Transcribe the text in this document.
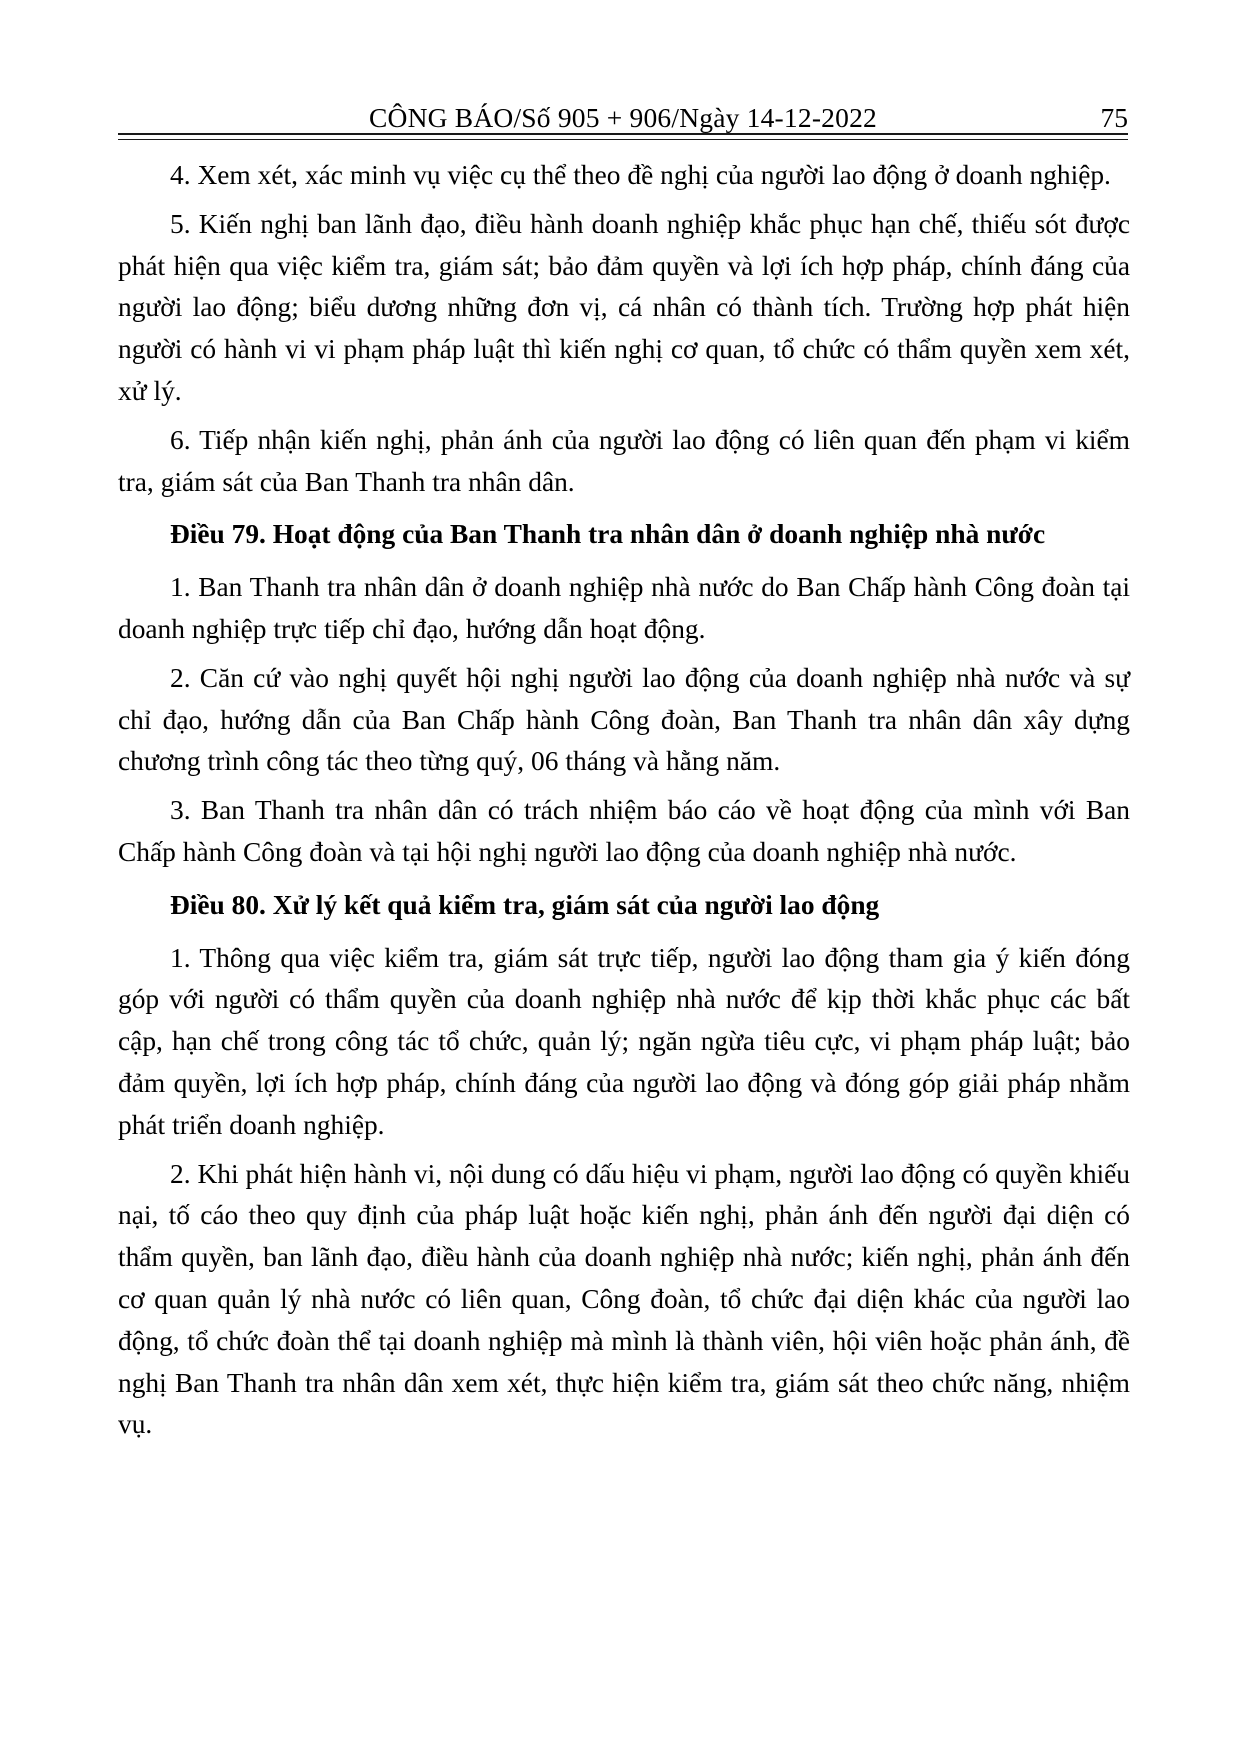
CÔNG BÁO/Số 905 + 906/Ngày 14-12-2022	75

4. Xem xét, xác minh vụ việc cụ thể theo đề nghị của người lao động ở doanh nghiệp.

5. Kiến nghị ban lãnh đạo, điều hành doanh nghiệp khắc phục hạn chế, thiếu sót được phát hiện qua việc kiểm tra, giám sát; bảo đảm quyền và lợi ích hợp pháp, chính đáng của người lao động; biểu dương những đơn vị, cá nhân có thành tích. Trường hợp phát hiện người có hành vi vi phạm pháp luật thì kiến nghị cơ quan, tổ chức có thẩm quyền xem xét, xử lý.

6. Tiếp nhận kiến nghị, phản ánh của người lao động có liên quan đến phạm vi kiểm tra, giám sát của Ban Thanh tra nhân dân.

Điều 79. Hoạt động của Ban Thanh tra nhân dân ở doanh nghiệp nhà nước

1. Ban Thanh tra nhân dân ở doanh nghiệp nhà nước do Ban Chấp hành Công đoàn tại doanh nghiệp trực tiếp chỉ đạo, hướng dẫn hoạt động.

2. Căn cứ vào nghị quyết hội nghị người lao động của doanh nghiệp nhà nước và sự chỉ đạo, hướng dẫn của Ban Chấp hành Công đoàn, Ban Thanh tra nhân dân xây dựng chương trình công tác theo từng quý, 06 tháng và hằng năm.

3. Ban Thanh tra nhân dân có trách nhiệm báo cáo về hoạt động của mình với Ban Chấp hành Công đoàn và tại hội nghị người lao động của doanh nghiệp nhà nước.

Điều 80. Xử lý kết quả kiểm tra, giám sát của người lao động

1. Thông qua việc kiểm tra, giám sát trực tiếp, người lao động tham gia ý kiến đóng góp với người có thẩm quyền của doanh nghiệp nhà nước để kịp thời khắc phục các bất cập, hạn chế trong công tác tổ chức, quản lý; ngăn ngừa tiêu cực, vi phạm pháp luật; bảo đảm quyền, lợi ích hợp pháp, chính đáng của người lao động và đóng góp giải pháp nhằm phát triển doanh nghiệp.

2. Khi phát hiện hành vi, nội dung có dấu hiệu vi phạm, người lao động có quyền khiếu nại, tố cáo theo quy định của pháp luật hoặc kiến nghị, phản ánh đến người đại diện có thẩm quyền, ban lãnh đạo, điều hành của doanh nghiệp nhà nước; kiến nghị, phản ánh đến cơ quan quản lý nhà nước có liên quan, Công đoàn, tổ chức đại diện khác của người lao động, tổ chức đoàn thể tại doanh nghiệp mà mình là thành viên, hội viên hoặc phản ánh, đề nghị Ban Thanh tra nhân dân xem xét, thực hiện kiểm tra, giám sát theo chức năng, nhiệm vụ.
